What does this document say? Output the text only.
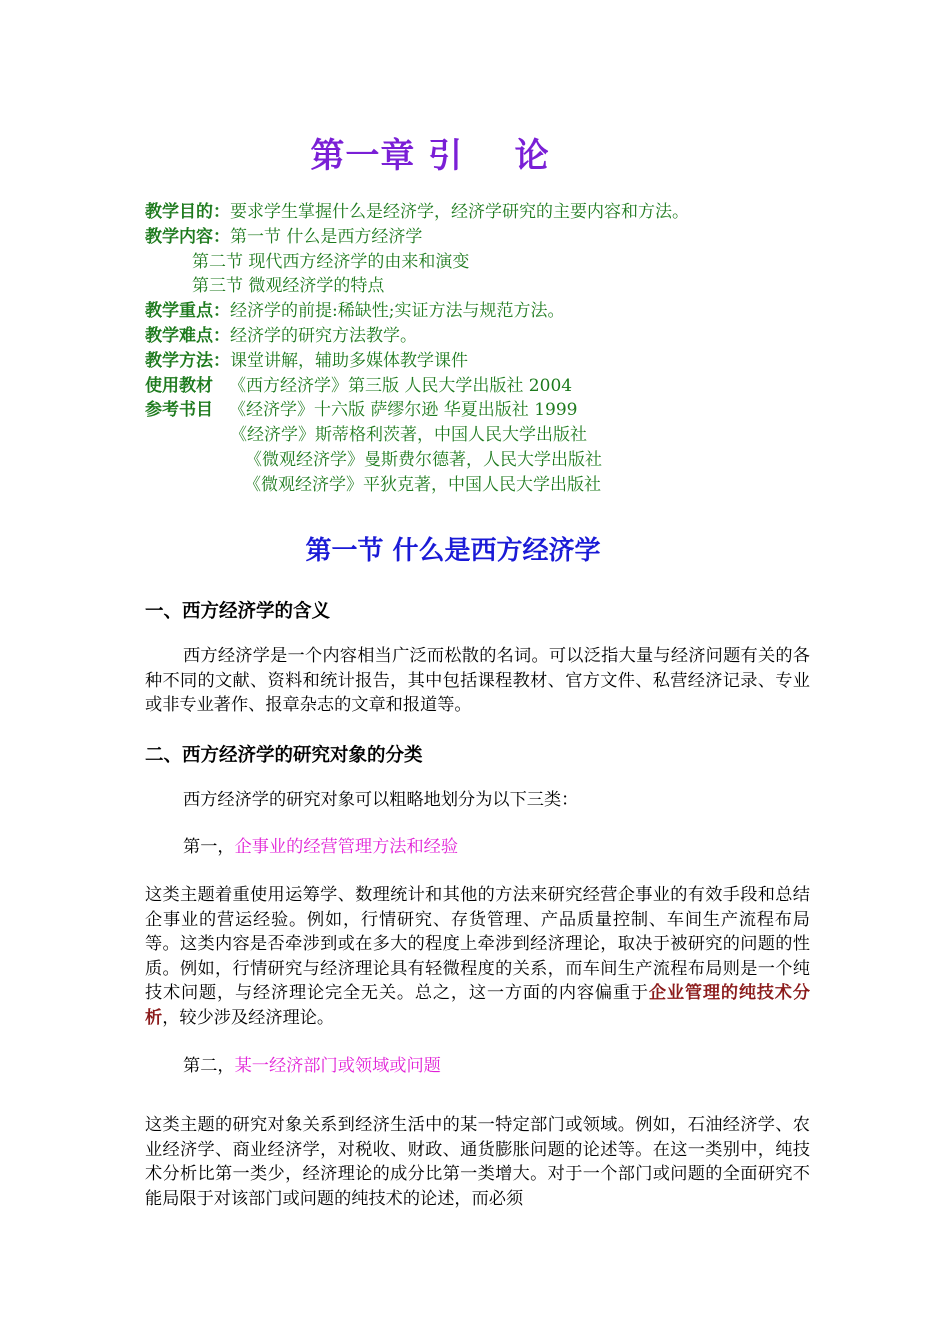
第一章 引    论
教学目的：要求学生掌握什么是经济学，经济学研究的主要内容和方法。
教学内容：第一节 什么是西方经济学
第二节 现代西方经济学的由来和演变
第三节 微观经济学的特点
教学重点：经济学的前提:稀缺性;实证方法与规范方法。
教学难点：经济学的研究方法教学。
教学方法：课堂讲解，辅助多媒体教学课件
使用教材 《西方经济学》第三版 人民大学出版社 2004
参考书目 《经济学》十六版 萨缪尔逊 华夏出版社 1999
《经济学》斯蒂格利茨著，中国人民大学出版社
《微观经济学》曼斯费尔德著，人民大学出版社
《微观经济学》平狄克著，中国人民大学出版社
第一节 什么是西方经济学
一、西方经济学的含义
西方经济学是一个内容相当广泛而松散的名词。可以泛指大量与经济问题有关的各种不同的文献、资料和统计报告，其中包括课程教材、官方文件、私营经济记录、专业或非专业著作、报章杂志的文章和报道等。
二、西方经济学的研究对象的分类
西方经济学的研究对象可以粗略地划分为以下三类：
第一，企事业的经营管理方法和经验
这类主题着重使用运筹学、数理统计和其他的方法来研究经营企事业的有效手段和总结企事业的营运经验。例如，行情研究、存货管理、产品质量控制、车间生产流程布局等。这类内容是否牵涉到或在多大的程度上牵涉到经济理论，取决于被研究的问题的性质。例如，行情研究与经济理论具有轻微程度的关系，而车间生产流程布局则是一个纯技术问题，与经济理论完全无关。总之，这一方面的内容偏重于企业管理的纯技术分析，较少涉及经济理论。
第二，某一经济部门或领域或问题
这类主题的研究对象关系到经济生活中的某一特定部门或领域。例如，石油经济学、农业经济学、商业经济学，对税收、财政、通货膨胀问题的论述等。在这一类别中，纯技术分析比第一类少，经济理论的成分比第一类增大。对于一个部门或问题的全面研究不能局限于对该部门或问题的纯技术的论述，而必须
